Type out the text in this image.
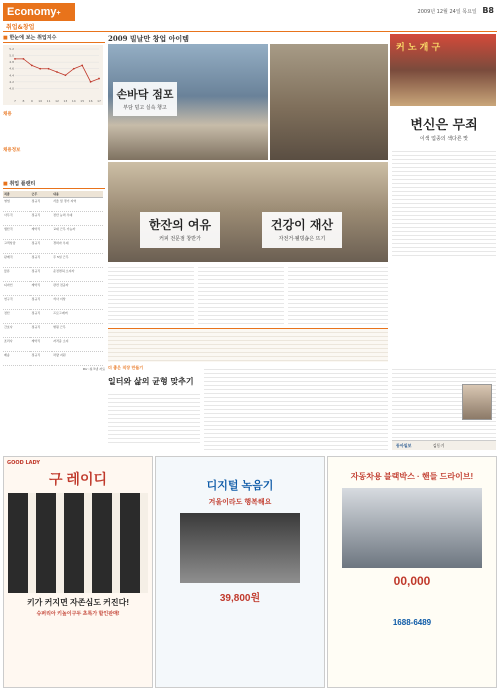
Economy+
취업&창업
2009년 12월 24일 목요일 B8
■ 한눈에 보는 취업지수
5.2
5.0
4.8
4.6
4.4
4.2
4.0
7 8 9 10 11 12 13 14 15 16 17
채용

채용정보

■ 취업 플랜티
직종	근무	내용
영업	정규직	서울 및 경기 지역
사무직	정규직	전산 능력 우대
생산직	계약직	교대 근무 가능자
고객상담	정규직	경력자 우대
판매직	정규직	주 5일 근무
물류	정규직	운전면허 소지자
디자인	계약직	관련 전공자
연구직	정규직	석사 이상
전산	정규직	프로그래머
간호사	정규직	병원 근무
조리사	계약직	자격증 소지
배송	정규직	차량 지원
Por: 워크넷 자료
2009 빌날만 창업 아이템
커 노 개 구
손바닥 점포
부담 덜고 실속 챙고
변신은 무죄
이색 업종의 색다른 맛
한잔의 여유
커피 전문점 창반가
건강이 재산
자전거·웰빙숍은 뜨기
더 좋은 직장 만들기
일터와 삶의 균형 맞추기
동아일보	김동기
GOOD LADY
구 레이디
키가 커지면 자존심도 커진다!
슈퍼리아 키높이구두 초특가 할인판매!
디지털 녹음기
겨울이라도 행복해요
39,800원
자동차용 블랙박스 · 핸들 드라이브!
00,000
1688-6489
